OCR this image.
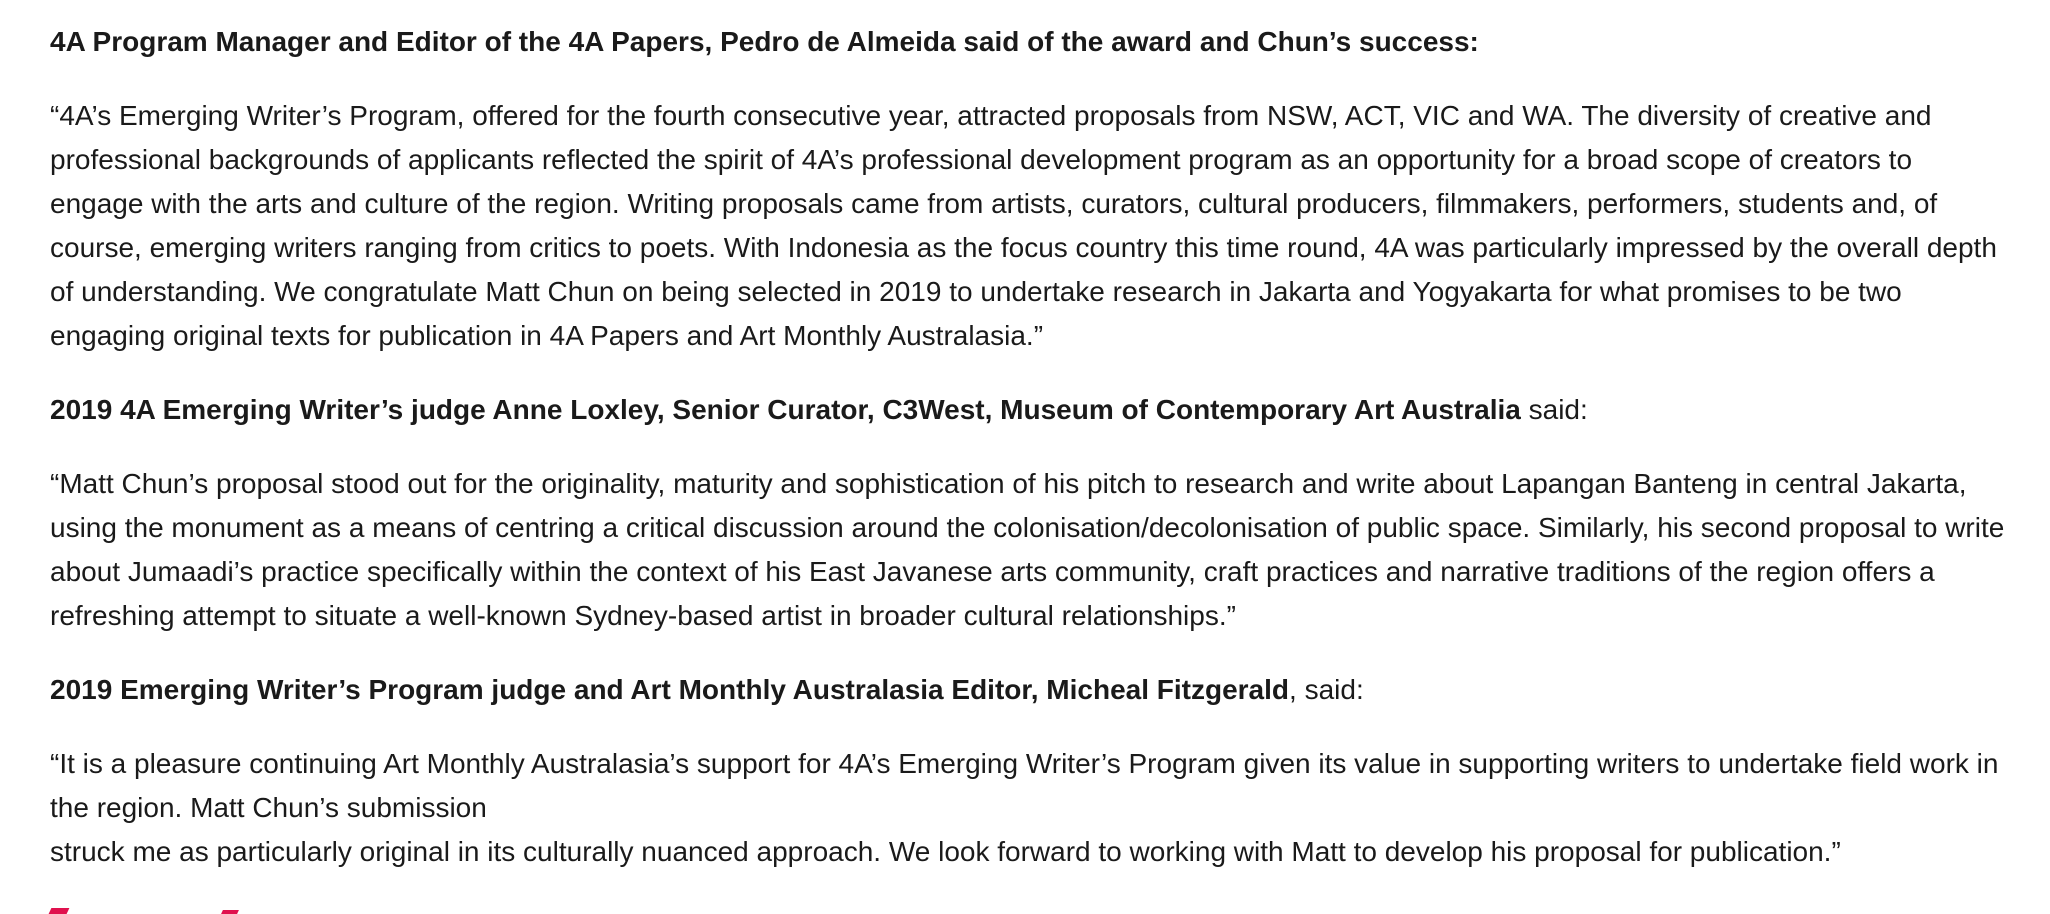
4A Program Manager and Editor of the 4A Papers, Pedro de Almeida said of the award and Chun’s success:

“4A’s Emerging Writer’s Program, offered for the fourth consecutive year, attracted proposals from NSW, ACT, VIC and WA. The diversity of creative and professional backgrounds of applicants reflected the spirit of 4A’s professional development program as an opportunity for a broad scope of creators to engage with the arts and culture of the region. Writing proposals came from artists, curators, cultural producers, filmmakers, performers, students and, of course, emerging writers ranging from critics to poets. With Indonesia as the focus country this time round, 4A was particularly impressed by the overall depth of understanding. We congratulate Matt Chun on being selected in 2019 to undertake research in Jakarta and Yogyakarta for what promises to be two engaging original texts for publication in 4A Papers and Art Monthly Australasia.”

2019 4A Emerging Writer’s judge Anne Loxley, Senior Curator, C3West, Museum of Contemporary Art Australia said:

“Matt Chun’s proposal stood out for the originality, maturity and sophistication of his pitch to research and write about Lapangan Banteng in central Jakarta, using the monument as a means of centring a critical discussion around the colonisation/decolonisation of public space. Similarly, his second proposal to write about Jumaadi’s practice specifically within the context of his East Javanese arts community, craft practices and narrative traditions of the region offers a refreshing attempt to situate a well-known Sydney-based artist in broader cultural relationships.”

2019 Emerging Writer’s Program judge and Art Monthly Australasia Editor, Micheal Fitzgerald, said:

“It is a pleasure continuing Art Monthly Australasia’s support for 4A’s Emerging Writer’s Program given its value in supporting writers to undertake field work in the region. Matt Chun’s submission
struck me as particularly original in its culturally nuanced approach. We look forward to working with Matt to develop his proposal for publication.”
